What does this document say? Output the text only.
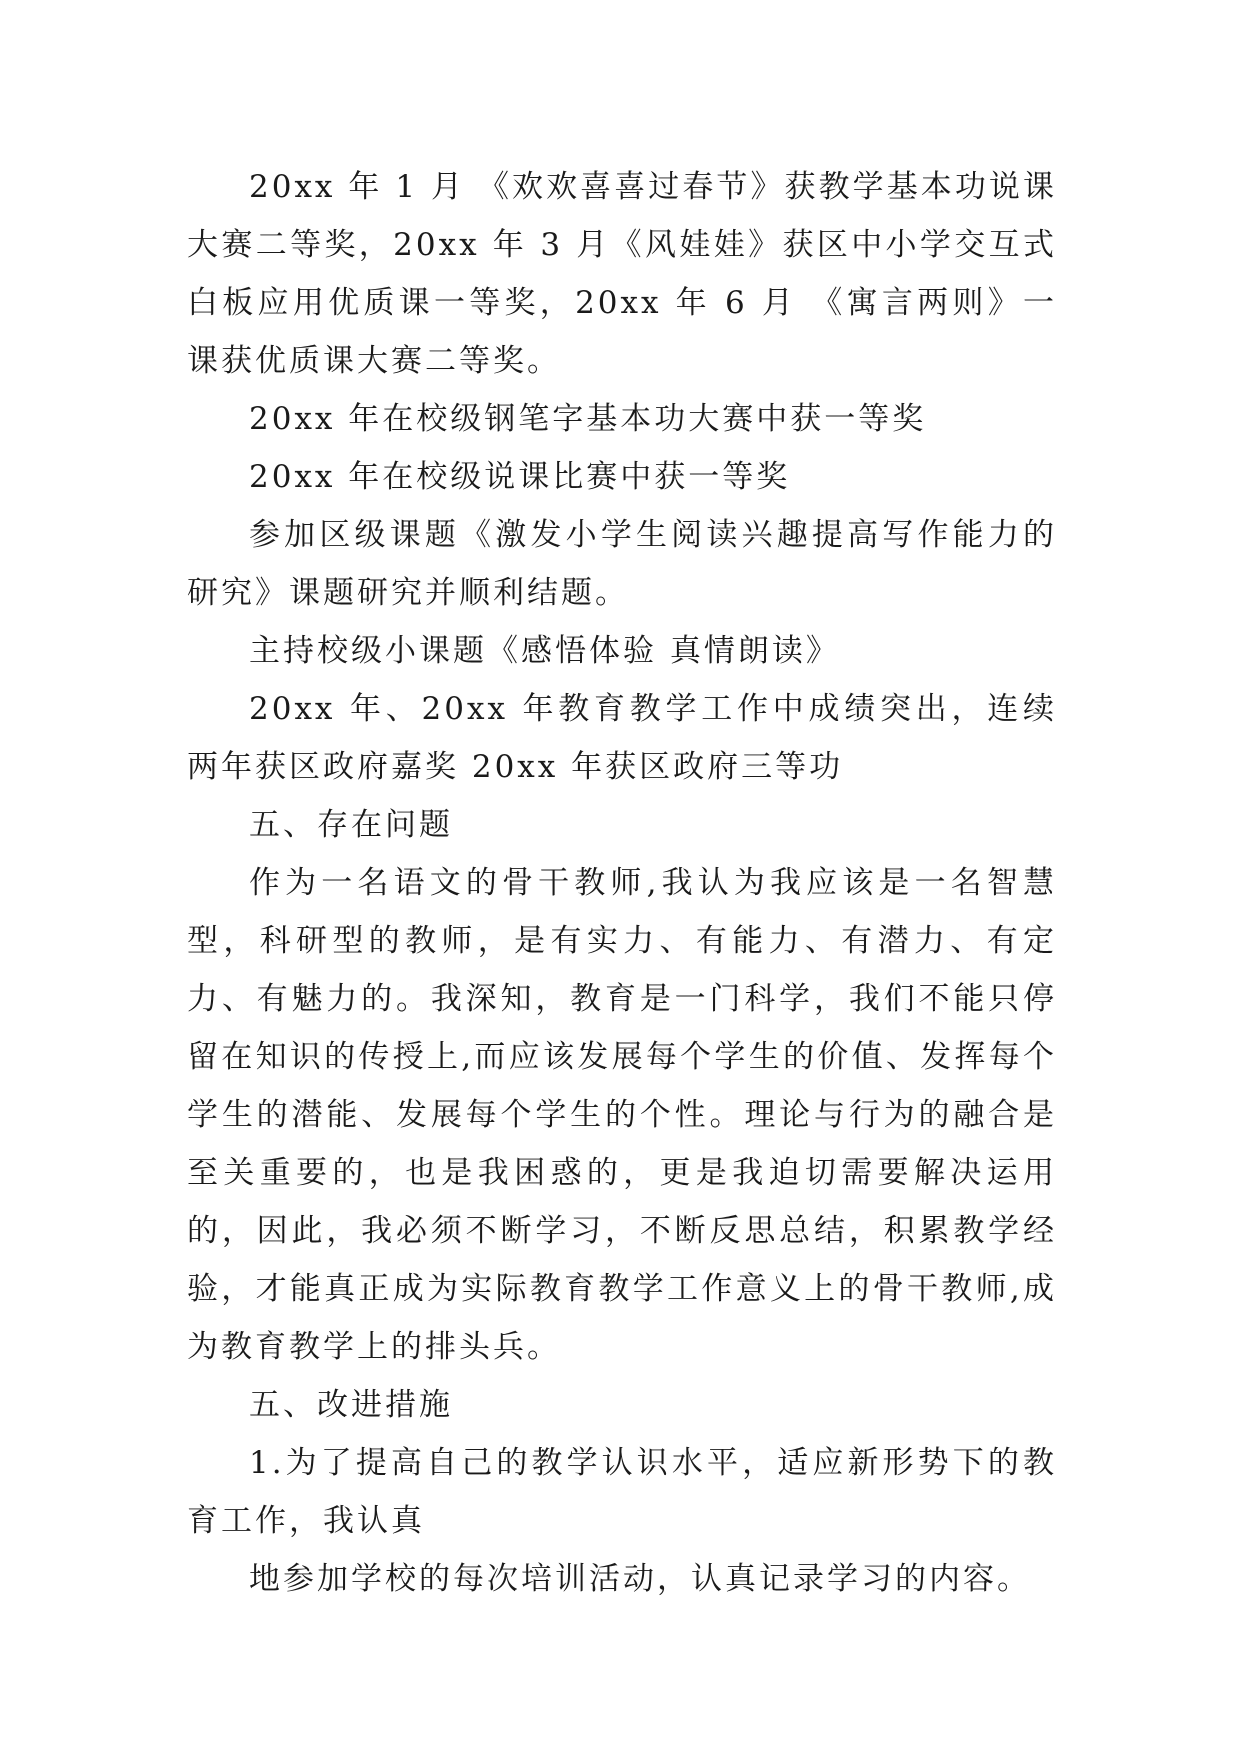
20xx 年 1 月 《欢欢喜喜过春节》获教学基本功说课大赛二等奖，20xx 年 3 月《风娃娃》获区中小学交互式白板应用优质课一等奖，20xx 年 6 月 《寓言两则》一课获优质课大赛二等奖。

20xx 年在校级钢笔字基本功大赛中获一等奖

20xx 年在校级说课比赛中获一等奖

参加区级课题《激发小学生阅读兴趣提高写作能力的研究》课题研究并顺利结题。

主持校级小课题《感悟体验 真情朗读》

20xx 年、20xx 年教育教学工作中成绩突出，连续两年获区政府嘉奖 20xx 年获区政府三等功

五、存在问题

作为一名语文的骨干教师,我认为我应该是一名智慧型，科研型的教师，是有实力、有能力、有潜力、有定力、有魅力的。我深知，教育是一门科学，我们不能只停留在知识的传授上,而应该发展每个学生的价值、发挥每个学生的潜能、发展每个学生的个性。理论与行为的融合是至关重要的，也是我困惑的，更是我迫切需要解决运用的，因此，我必须不断学习，不断反思总结，积累教学经验，才能真正成为实际教育教学工作意义上的骨干教师,成为教育教学上的排头兵。

五、改进措施

1.为了提高自己的教学认识水平，适应新形势下的教育工作，我认真

地参加学校的每次培训活动，认真记录学习的内容。
